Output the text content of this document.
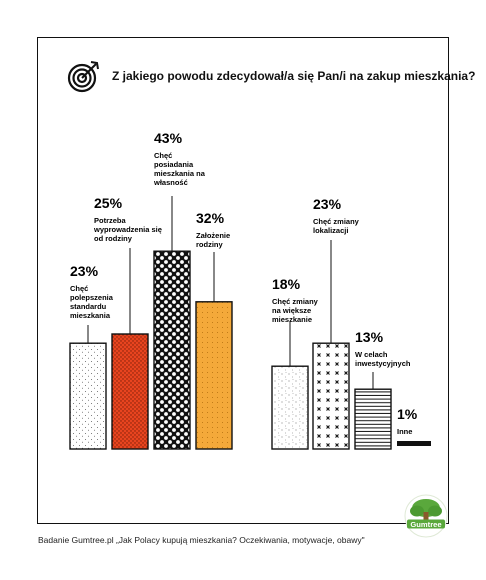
Z jakiego powodu zdecydował/a się Pan/i na zakup mieszkania?
23%
Chęć
polepszenia
standardu
mieszkania
25%
Potrzeba
wyprowadzenia się
od rodziny
43%
Chęć
posiadania
mieszkania na
własność
32%
Założenie
rodziny
18%
Chęć zmiany
na większe
mieszkanie
23%
Chęć zmiany
lokalizacji
13%
W celach
inwestycyjnych
1%
Inne
Badanie Gumtree.pl „Jak Polacy kupują mieszkania? Oczekiwania, motywacje, obawy"
Gumtree
